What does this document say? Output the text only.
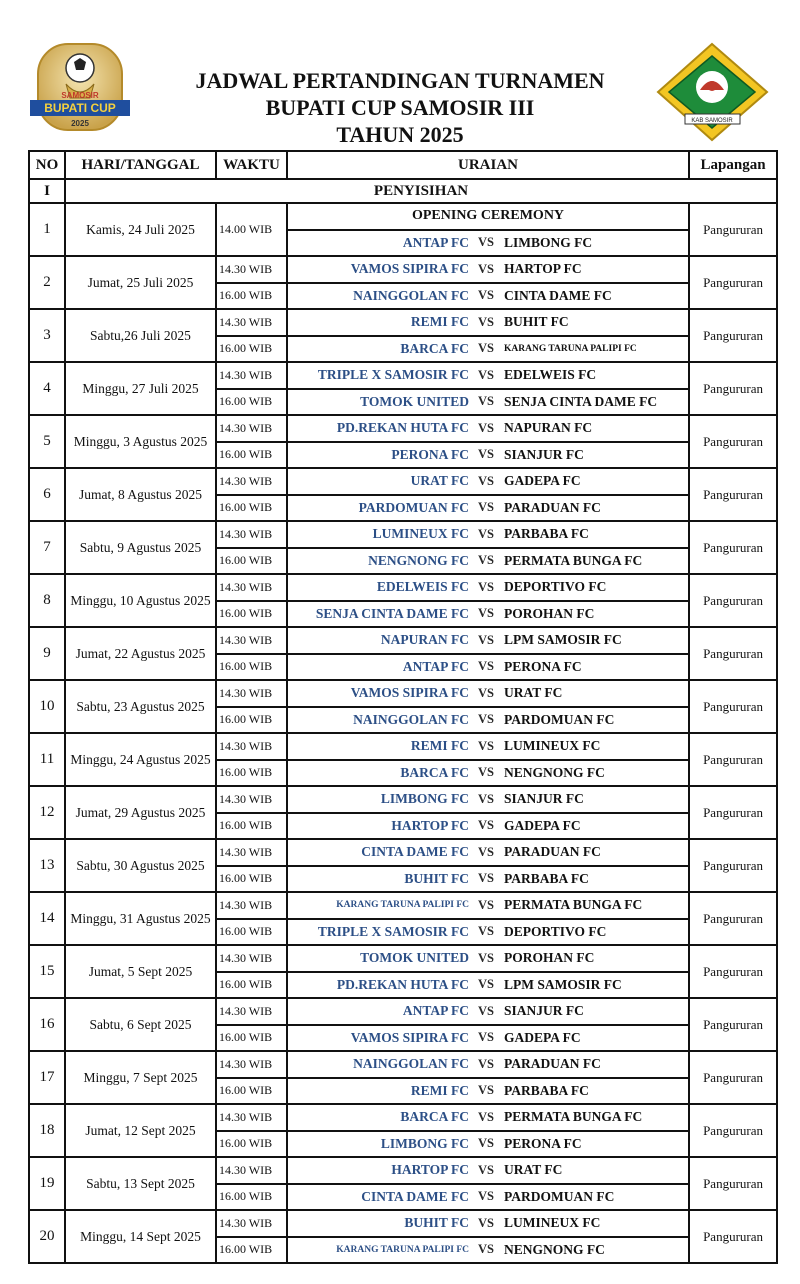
SAMOSIR
BUPATI CUP
2025
JADWAL PERTANDINGAN TURNAMEN
BUPATI CUP SAMOSIR III
TAHUN 2025
KAB SAMOSIR
NO	HARI/TANGGAL	WAKTU	URAIAN			Lapangan
I	PENYISIHAN					
1	Kamis, 24 Juli 2025	14.00 WIB	OPENING CEREMONY			Pangururan
			ANTAP FC	VS	LIMBONG FC	
2	Jumat, 25 Juli 2025	14.30 WIB	VAMOS SIPIRA FC	VS	HARTOP FC	Pangururan
		16.00 WIB	NAINGGOLAN FC	VS	CINTA DAME FC	
3	Sabtu,26 Juli 2025	14.30 WIB	REMI FC	VS	BUHIT FC	Pangururan
		16.00 WIB	BARCA FC	VS	KARANG TARUNA PALIPI FC	
4	Minggu, 27 Juli 2025	14.30 WIB	TRIPLE X SAMOSIR FC	VS	EDELWEIS FC	Pangururan
		16.00 WIB	TOMOK UNITED	VS	SENJA CINTA DAME FC	
5	Minggu, 3 Agustus 2025	14.30 WIB	PD.REKAN HUTA FC	VS	NAPURAN FC	Pangururan
		16.00 WIB	PERONA FC	VS	SIANJUR FC	
6	Jumat, 8 Agustus 2025	14.30 WIB	URAT FC	VS	GADEPA FC	Pangururan
		16.00 WIB	PARDOMUAN FC	VS	PARADUAN FC	
7	Sabtu, 9 Agustus 2025	14.30 WIB	LUMINEUX FC	VS	PARBABA FC	Pangururan
		16.00 WIB	NENGNONG FC	VS	PERMATA BUNGA FC	
8	Minggu, 10 Agustus 2025	14.30 WIB	EDELWEIS FC	VS	DEPORTIVO FC	Pangururan
		16.00 WIB	SENJA CINTA DAME FC	VS	POROHAN FC	
9	Jumat, 22 Agustus 2025	14.30 WIB	NAPURAN FC	VS	LPM SAMOSIR FC	Pangururan
		16.00 WIB	ANTAP FC	VS	PERONA FC	
10	Sabtu, 23 Agustus 2025	14.30 WIB	VAMOS SIPIRA FC	VS	URAT FC	Pangururan
		16.00 WIB	NAINGGOLAN FC	VS	PARDOMUAN FC	
11	Minggu, 24 Agustus 2025	14.30 WIB	REMI FC	VS	LUMINEUX FC	Pangururan
		16.00 WIB	BARCA FC	VS	NENGNONG FC	
12	Jumat, 29 Agustus 2025	14.30 WIB	LIMBONG FC	VS	SIANJUR FC	Pangururan
		16.00 WIB	HARTOP FC	VS	GADEPA FC	
13	Sabtu, 30 Agustus 2025	14.30 WIB	CINTA DAME FC	VS	PARADUAN FC	Pangururan
		16.00 WIB	BUHIT FC	VS	PARBABA FC	
14	Minggu, 31 Agustus 2025	14.30 WIB	KARANG TARUNA PALIPI FC	VS	PERMATA BUNGA FC	Pangururan
		16.00 WIB	TRIPLE X SAMOSIR FC	VS	DEPORTIVO FC	
15	Jumat, 5 Sept 2025	14.30 WIB	TOMOK UNITED	VS	POROHAN FC	Pangururan
		16.00 WIB	PD.REKAN HUTA FC	VS	LPM SAMOSIR FC	
16	Sabtu, 6 Sept 2025	14.30 WIB	ANTAP FC	VS	SIANJUR FC	Pangururan
		16.00 WIB	VAMOS SIPIRA FC	VS	GADEPA FC	
17	Minggu, 7 Sept 2025	14.30 WIB	NAINGGOLAN FC	VS	PARADUAN FC	Pangururan
		16.00 WIB	REMI FC	VS	PARBABA FC	
18	Jumat, 12 Sept 2025	14.30 WIB	BARCA FC	VS	PERMATA BUNGA FC	Pangururan
		16.00 WIB	LIMBONG FC	VS	PERONA FC	
19	Sabtu, 13 Sept 2025	14.30 WIB	HARTOP FC	VS	URAT FC	Pangururan
		16.00 WIB	CINTA DAME FC	VS	PARDOMUAN FC	
20	Minggu, 14 Sept 2025	14.30 WIB	BUHIT FC	VS	LUMINEUX FC	Pangururan
		16.00 WIB	KARANG TARUNA PALIPI FC	VS	NENGNONG FC	
